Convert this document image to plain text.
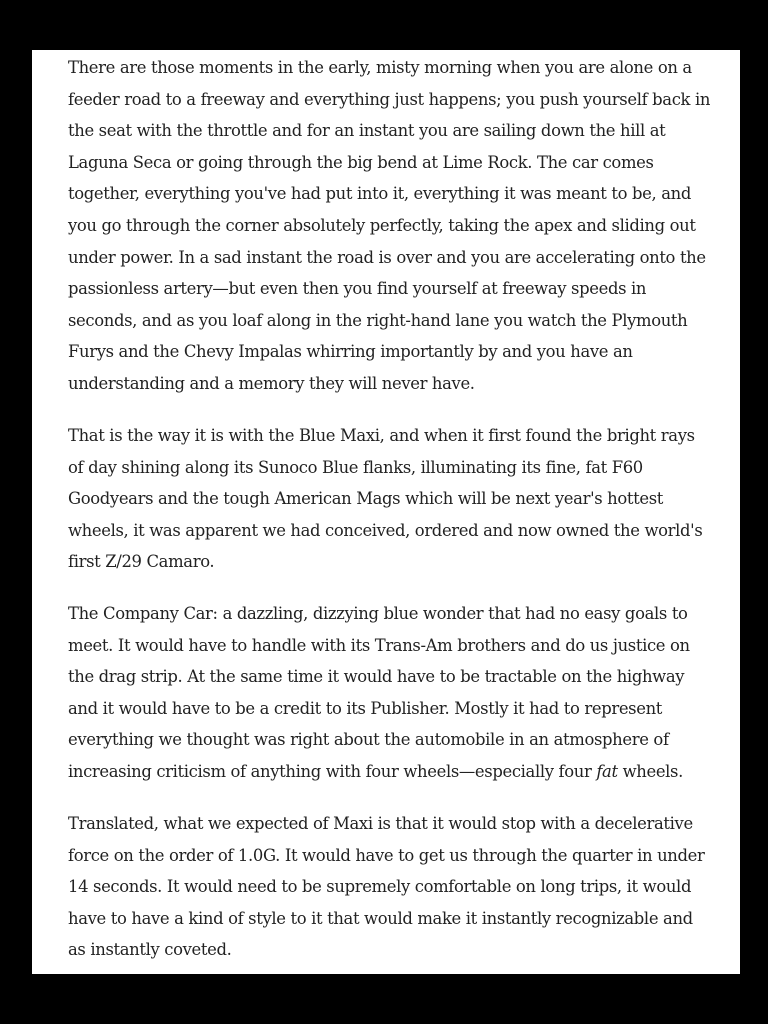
There are those moments in the early, misty morning when you are alone on a
feeder road to a freeway and everything just happens; you push yourself back in
the seat with the throttle and for an instant you are sailing down the hill at
Laguna Seca or going through the big bend at Lime Rock. The car comes
together, everything you've had put into it, everything it was meant to be, and
you go through the corner absolutely perfectly, taking the apex and sliding out
under power. In a sad instant the road is over and you are accelerating onto the
passionless artery—but even then you find yourself at freeway speeds in
seconds, and as you loaf along in the right-hand lane you watch the Plymouth
Furys and the Chevy Impalas whirring importantly by and you have an
understanding and a memory they will never have.

That is the way it is with the Blue Maxi, and when it first found the bright rays
of day shining along its Sunoco Blue flanks, illuminating its fine, fat F60
Goodyears and the tough American Mags which will be next year's hottest
wheels, it was apparent we had conceived, ordered and now owned the world's
first Z/29 Camaro.

The Company Car: a dazzling, dizzying blue wonder that had no easy goals to
meet. It would have to handle with its Trans-Am brothers and do us justice on
the drag strip. At the same time it would have to be tractable on the highway
and it would have to be a credit to its Publisher. Mostly it had to represent
everything we thought was right about the automobile in an atmosphere of
increasing criticism of anything with four wheels—especially four fat wheels.

Translated, what we expected of Maxi is that it would stop with a decelerative
force on the order of 1.0G. It would have to get us through the quarter in under
14 seconds. It would need to be supremely comfortable on long trips, it would
have to have a kind of style to it that would make it instantly recognizable and
as instantly coveted.
